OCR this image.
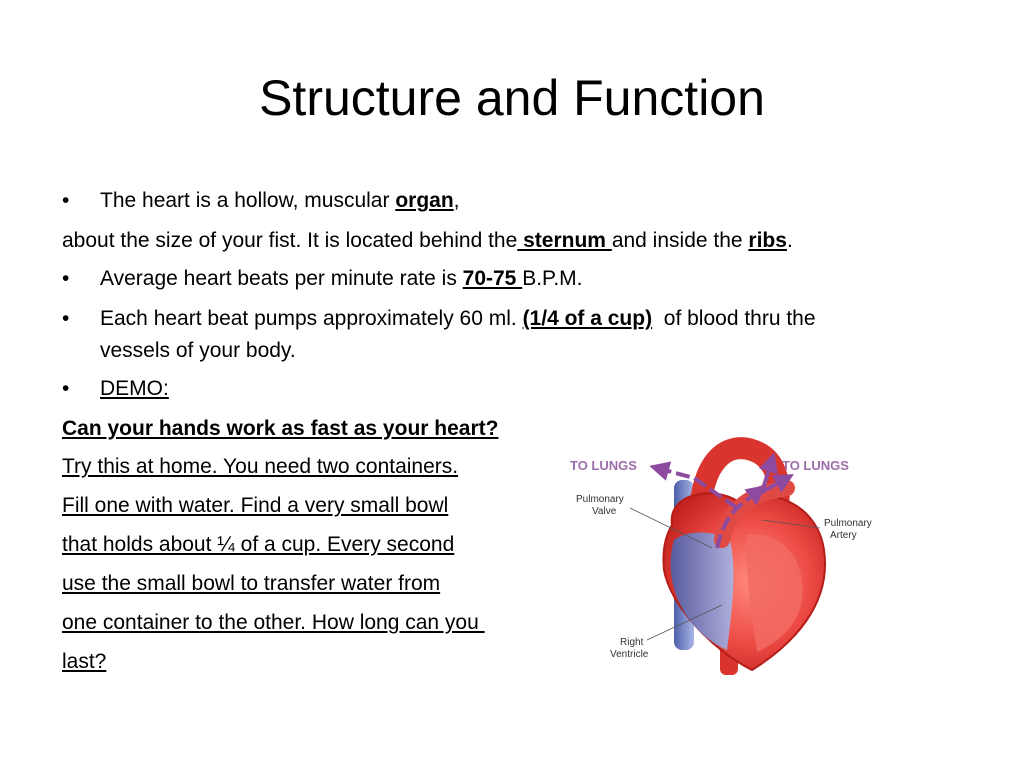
Structure and Function
• The heart is a hollow, muscular organ,
about the size of your fist. It is located behind the sternum and inside the ribs.
• Average heart beats per minute rate is 70-75 B.P.M.
• Each heart beat pumps approximately 60 ml. (1/4 of a cup)  of blood thru the
vessels of your body.
• DEMO:
Can your hands work as fast as your heart?
Try this at home. You need two containers.
Fill one with water. Find a very small bowl
that holds about ¼ of a cup. Every second
use the small bowl to transfer water from
one container to the other. How long can you
last?
TO LUNGS	TO LUNGS
Pulmonary
Valve
Pulmonary
Artery
Right
Ventricle
